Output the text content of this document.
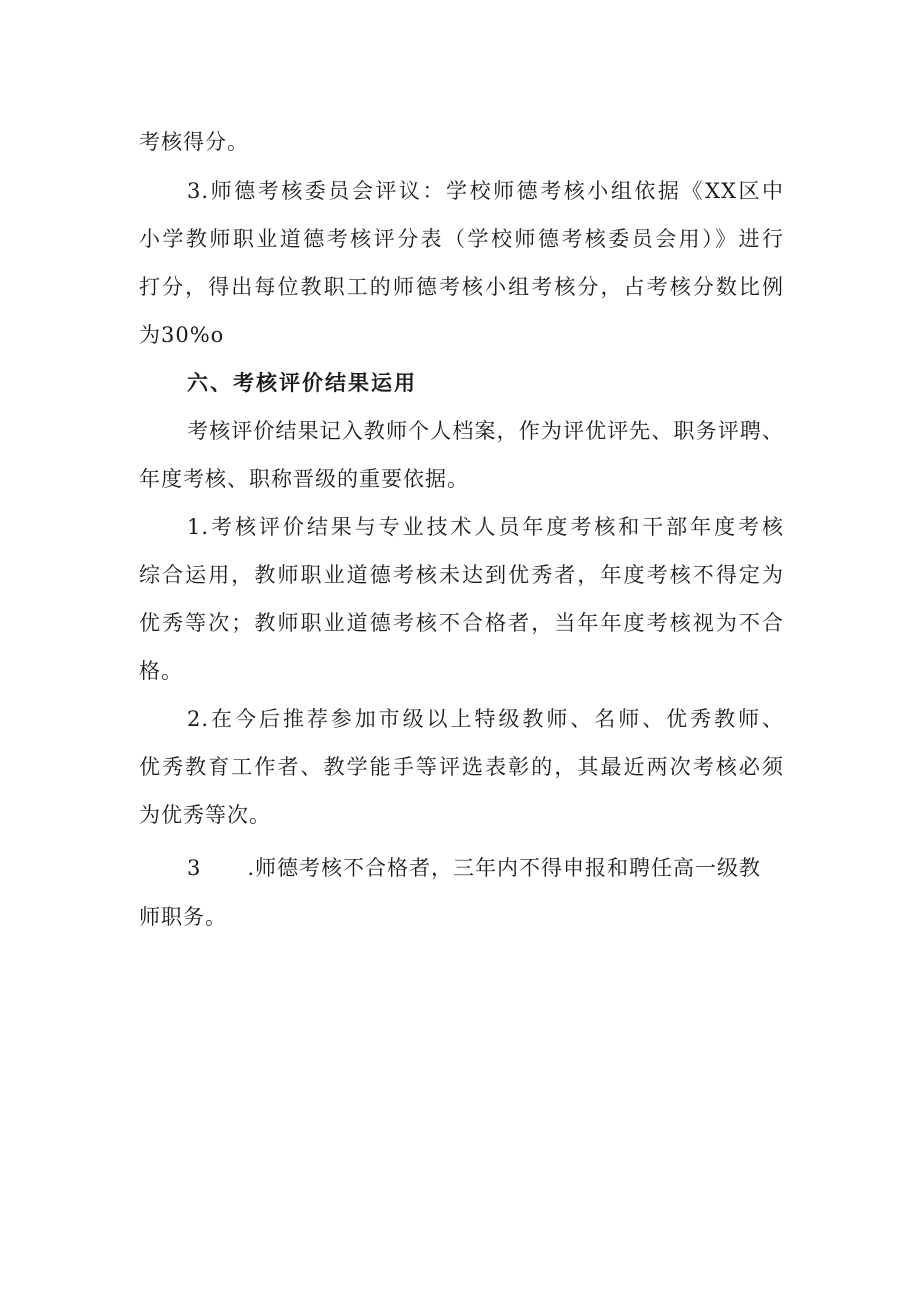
考核得分。
3.师德考核委员会评议：学校师德考核小组依据《XX区中
小学教师职业道德考核评分表（学校师德考核委员会用）》进行
打分，得出每位教职工的师德考核小组考核分，占考核分数比例
为30%o
六、考核评价结果运用
考核评价结果记入教师个人档案，作为评优评先、职务评聘、
年度考核、职称晋级的重要依据。
1.考核评价结果与专业技术人员年度考核和干部年度考核
综合运用，教师职业道德考核未达到优秀者，年度考核不得定为
优秀等次；教师职业道德考核不合格者，当年年度考核视为不合
格。
2.在今后推荐参加市级以上特级教师、名师、优秀教师、
优秀教育工作者、教学能手等评选表彰的，其最近两次考核必须
为优秀等次。
3 .师德考核不合格者，三年内不得申报和聘任高一级教
师职务。
